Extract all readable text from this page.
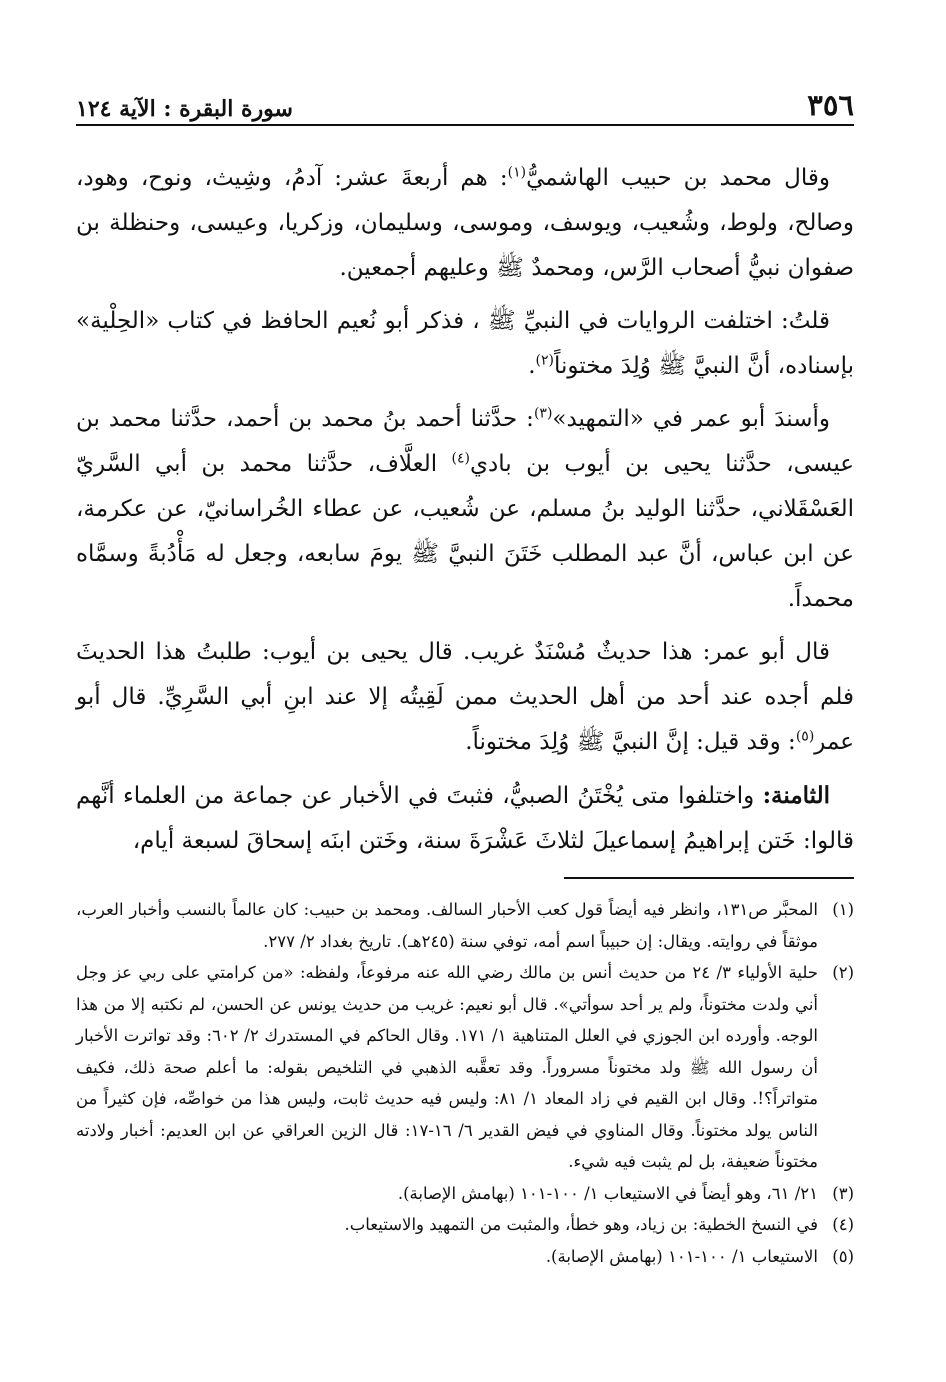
٣٥٦
سورة البقرة : الآية ١٢٤

وقال محمد بن حبيب الهاشميُّ$^{(١)}$: هم أربعةَ عشر: آدمُ، وشِيث، ونوح، وهود، وصالح، ولوط، وشُعيب، ويوسف، وموسى، وسليمان، وزكريا، وعيسى، وحنظلة بن صفوان نبيُّ أصحاب الرَّس، ومحمدٌ ﷺ وعليهم أجمعين.

قلتُ: اختلفت الروايات في النبيِّ ﷺ ، فذكر أبو نُعيم الحافظ في كتاب «الحِلْية» بإسناده، أنَّ النبيَّ ﷺ وُلِدَ مختوناً$^{(٢)}$.

وأسندَ أبو عمر في «التمهيد»$^{(٣)}$: حدَّثنا أحمد بنُ محمد بن أحمد، حدَّثنا محمد بن عيسى، حدَّثنا يحيى بن أيوب بن بادي$^{(٤)}$ العلَّاف، حدَّثنا محمد بن أبي السَّريّ العَسْقَلاني، حدَّثنا الوليد بنُ مسلم، عن شُعيب، عن عطاء الخُراسانيّ، عن عكرمة، عن ابن عباس، أنَّ عبد المطلب خَتَنَ النبيَّ ﷺ يومَ سابعه، وجعل له مَأْدُبةً وسمَّاه محمداً.

قال أبو عمر: هذا حديثٌ مُسْنَدٌ غريب. قال يحيى بن أيوب: طلبتُ هذا الحديثَ فلم أجده عند أحد من أهل الحديث ممن لَقِيتُه إلا عند ابنِ أبي السَّرِيِّ. قال أبو عمر$^{(٥)}$: وقد قيل: إنَّ النبيَّ ﷺ وُلِدَ مختوناً.

الثامنة: واختلفوا متى يُخْتَنُ الصبيُّ، فثبتَ في الأخبار عن جماعة من العلماء أنَّهم قالوا: خَتن إبراهيمُ إسماعيلَ لثلاثَ عَشْرَةَ سنة، وخَتن ابنَه إسحاقَ لسبعة أيام،

(١)
المحبَّر ص١٣١، وانظر فيه أيضاً قول كعب الأحبار السالف. ومحمد بن حبيب: كان عالماً بالنسب وأخبار العرب، موثقاً في روايته. ويقال: إن حبيباً اسم أمه، توفي سنة (٢٤٥هـ). تاريخ بغداد ٢/ ٢٧٧.
(٢)
حلية الأولياء ٣/ ٢٤ من حديث أنس بن مالك رضي الله عنه مرفوعاً، ولفظه: «من كرامتي على ربي عز وجل أني ولدت مختوناً، ولم ير أحد سوأتي». قال أبو نعيم: غريب من حديث يونس عن الحسن، لم نكتبه إلا من هذا الوجه. وأورده ابن الجوزي في العلل المتناهية ١/ ١٧١. وقال الحاكم في المستدرك ٢/ ٦٠٢: وقد تواترت الأخبار أن رسول الله ﷺ ولد مختوناً مسروراً. وقد تعقَّبه الذهبي في التلخيص بقوله: ما أعلم صحة ذلك، فكيف متواتراً؟!. وقال ابن القيم في زاد المعاد ١/ ٨١: وليس فيه حديث ثابت، وليس هذا من خواصِّه، فإن كثيراً من الناس يولد مختوناً. وقال المناوي في فيض القدير ٦/ ١٦-١٧: قال الزين العراقي عن ابن العديم: أخبار ولادته مختوناً ضعيفة، بل لم يثبت فيه شيء.
(٣)
٢١/ ٦١، وهو أيضاً في الاستيعاب ١/ ١٠٠-١٠١ (بهامش الإصابة).
(٤)
في النسخ الخطية: بن زياد، وهو خطأ، والمثبت من التمهيد والاستيعاب.
(٥)
الاستيعاب ١/ ١٠٠-١٠١ (بهامش الإصابة).
